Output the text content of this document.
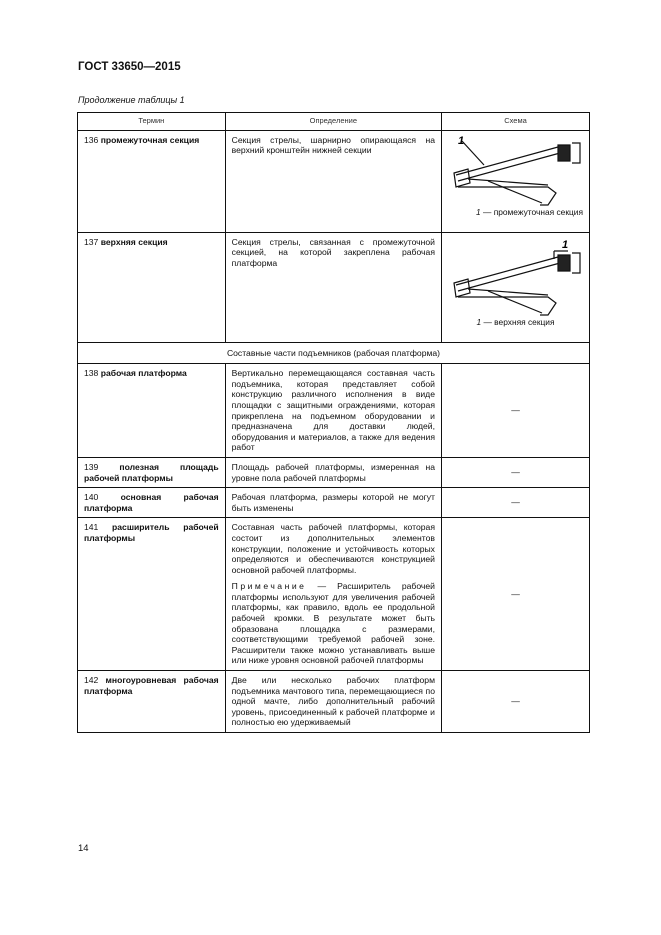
ГОСТ 33650—2015
Продолжение таблицы 1
Термин	Определение	Схема
136 промежуточная секция	Секция стрелы, шарнирно опирающаяся на верхний кронштейн нижней секции	1
1 — промежуточная секция

137 верхняя секция	Секция стрелы, связанная с промежуточной секцией, на которой закреплена рабочая платформа	1
1 — верхняя секция

Составные части подъемников (рабочая платформа)		
138 рабочая платформа	Вертикально перемещающаяся составная часть подъемника, которая представляет собой конструкцию различного исполнения в виде площадки с защитными ограждениями, которая прикреплена на подъемном оборудовании и предназначена для доставки людей, оборудования и материалов, а также для ведения работ	—
139 полезная площадь рабочей платформы	Площадь рабочей платформы, измеренная на уровне пола рабочей платформы	—
140 основная рабочая платформа	Рабочая платформа, размеры которой не могут быть изменены	—
141 расширитель рабочей платформы	Составная часть рабочей платформы, которая состоит из дополнительных элементов конструкции, положение и устойчивость которых определяются и обеспечиваются конструкцией основной рабочей платформы.

Примечание — Расширитель рабочей платформы используют для увеличения рабочей платформы, как правило, вдоль ее продольной рабочей кромки. В результате может быть образована площадка с размерами, соответствующими требуемой рабочей зоне. Расширители также можно устанавливать выше или ниже уровня основной рабочей платформы	—
142 многоуровневая рабочая платформа	Две или несколько рабочих платформ подъемника мачтового типа, перемещающиеся по одной мачте, либо дополнительный рабочий уровень, присоединенный к рабочей платформе и полностью ею удерживаемый	—
14
